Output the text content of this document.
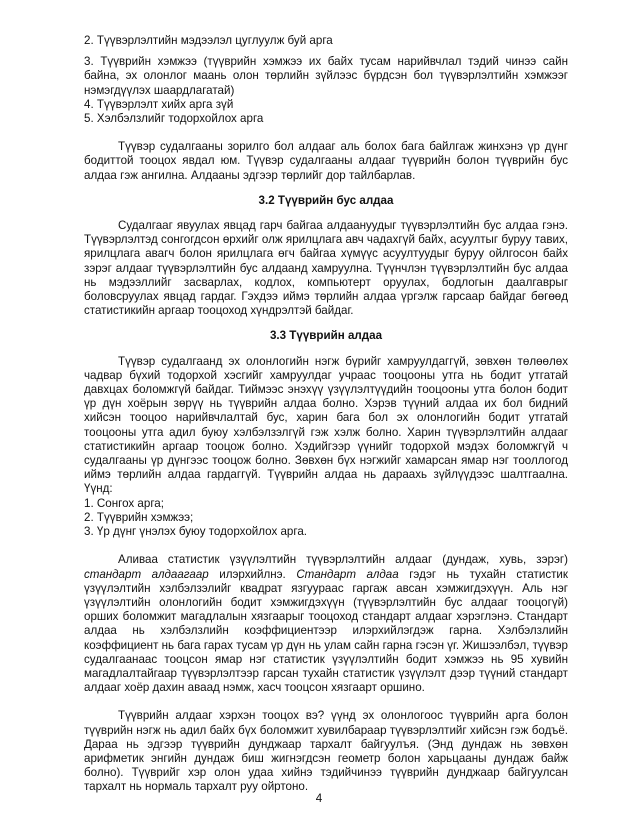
2. Түүвэрлэлтийн мэдээлэл цуглуулж буй арга

3. Түүврийн хэмжээ (түүврийн хэмжээ их байх тусам нарийвчлал тэдий чинээ сайн байна, эх олонлог маань олон төрлийн зүйлээс бүрдсэн бол түүвэрлэлтийн хэмжээг нэмэгдүүлэх шаардлагатай)

4. Түүвэрлэлт хийх арга зүй

5. Хэлбэлзлийг тодорхойлох арга

Түүвэр судалгааны зорилго бол алдааг аль болох бага байлгаж жинхэнэ үр дүнг бодиттой тооцох явдал юм. Түүвэр судалгааны алдааг түүврийн болон түүврийн бус алдаа гэж ангилна. Алдааны эдгээр төрлийг дор тайлбарлав.

3.2 Түүврийн бус алдаа

Судалгааг явуулах явцад гарч байгаа алдаануудыг түүвэрлэлтийн бус алдаа гэнэ. Түүвэрлэлтэд сонгогдсон өрхийг олж ярилцлага авч чадахгүй байх, асуултыг буруу тавих, ярилцлага авагч болон ярилцлага өгч байгаа хүмүүс асуултуудыг буруу ойлгосон байх зэрэг алдааг түүвэрлэлтийн бус алдаанд хамруулна. Түүнчлэн түүвэрлэлтийн бус алдаа нь мэдээллийг засварлах, кодлох, компьютерт оруулах, бодлогын даалгаврыг боловсруулах явцад гардаг. Гэхдээ иймэ төрлийн алдаа үргэлж гарсаар байдаг бөгөөд статистикийн аргаар тооцоход хүндрэлтэй байдаг.

3.3 Түүврийн алдаа

Түүвэр судалгаанд эх олонлогийн нэгж бүрийг хамруулдаггүй, зөвхөн төлөөлөх чадвар бүхий тодорхой хэсгийг хамруулдаг учраас тооцооны утга нь бодит утгатай давхцах боломжгүй байдаг. Тиймээс энэхүү үзүүлэлтүүдийн тооцооны утга болон бодит үр дүн хоёрын зөрүү нь түүврийн алдаа болно. Хэрэв түүний алдаа их бол бидний хийсэн тооцоо нарийвчлалтай бус, харин бага бол эх олонлогийн бодит утгатай тооцооны утга адил буюу хэлбэлзэлгүй гэж хэлж болно. Харин түүвэрлэлтийн алдааг статистикийн аргаар тооцож болно. Хэдийгээр үүнийг тодорхой мэдэх боломжгүй ч судалгааны үр дүнгээс тооцож болно. Зөвхөн бүх нэгжийг хамарсан ямар нэг тооллогод иймэ төрлийн алдаа гардаггүй. Түүврийн алдаа нь дараахь зүйлүүдээс шалтгаална. Үүнд:

1. Сонгох арга;

2. Түүврийн хэмжээ;

3. Үр дүнг үнэлэх буюу тодорхойлох арга.

Аливаа статистик үзүүлэлтийн түүвэрлэлтийн алдааг (дундаж, хувь, зэрэг) стандарт алдаагаар илэрхийлнэ. Стандарт алдаа гэдэг нь тухайн статистик үзүүлэлтийн хэлбэлзэлийг квадрат язгуураас гаргаж авсан хэмжигдэхүүн. Аль нэг үзүүлэлтийн олонлогийн бодит хэмжигдэхүүн (түүвэрлэлтийн бус алдааг тооцогүй) орших боломжит магадлалын хязгаарыг тооцоход стандарт алдааг хэрэглэнэ. Стандарт алдаа нь хэлбэлзлийн коэффициентээр илэрхийлэгдэж гарна. Хэлбэлзлийн коэффициент нь бага гарах тусам үр дүн нь улам сайн гарна гэсэн үг. Жишээлбэл, түүвэр судалгаанаас тооцсон ямар нэг статистик үзүүлэлтийн бодит хэмжээ нь 95 хувийн магадлалтайгаар түүвэрлэлтээр гарсан тухайн статистик үзүүлэлт дээр түүний стандарт алдааг хоёр дахин аваад нэмж, хасч тооцсон хязгаарт оршино.

Түүврийн алдааг хэрхэн тооцох вэ? үүнд эх олонлогоос түүврийн арга болон түүврийн нэгж нь адил байх бүх боломжит хувилбараар түүвэрлэлтийг хийсэн гэж бодъё. Дараа нь эдгээр түүврийн дунджаар тархалт байгуулъя. (Энд дундаж нь зөвхөн арифметик энгийн дундаж биш жигнэгдсэн геометр болон харьцааны дундаж байж болно). Түүврийг хэр олон удаа хийнэ тэдийчинээ түүврийн дунджаар байгуулсан тархалт нь нормаль тархалт руу ойртоно.

4
